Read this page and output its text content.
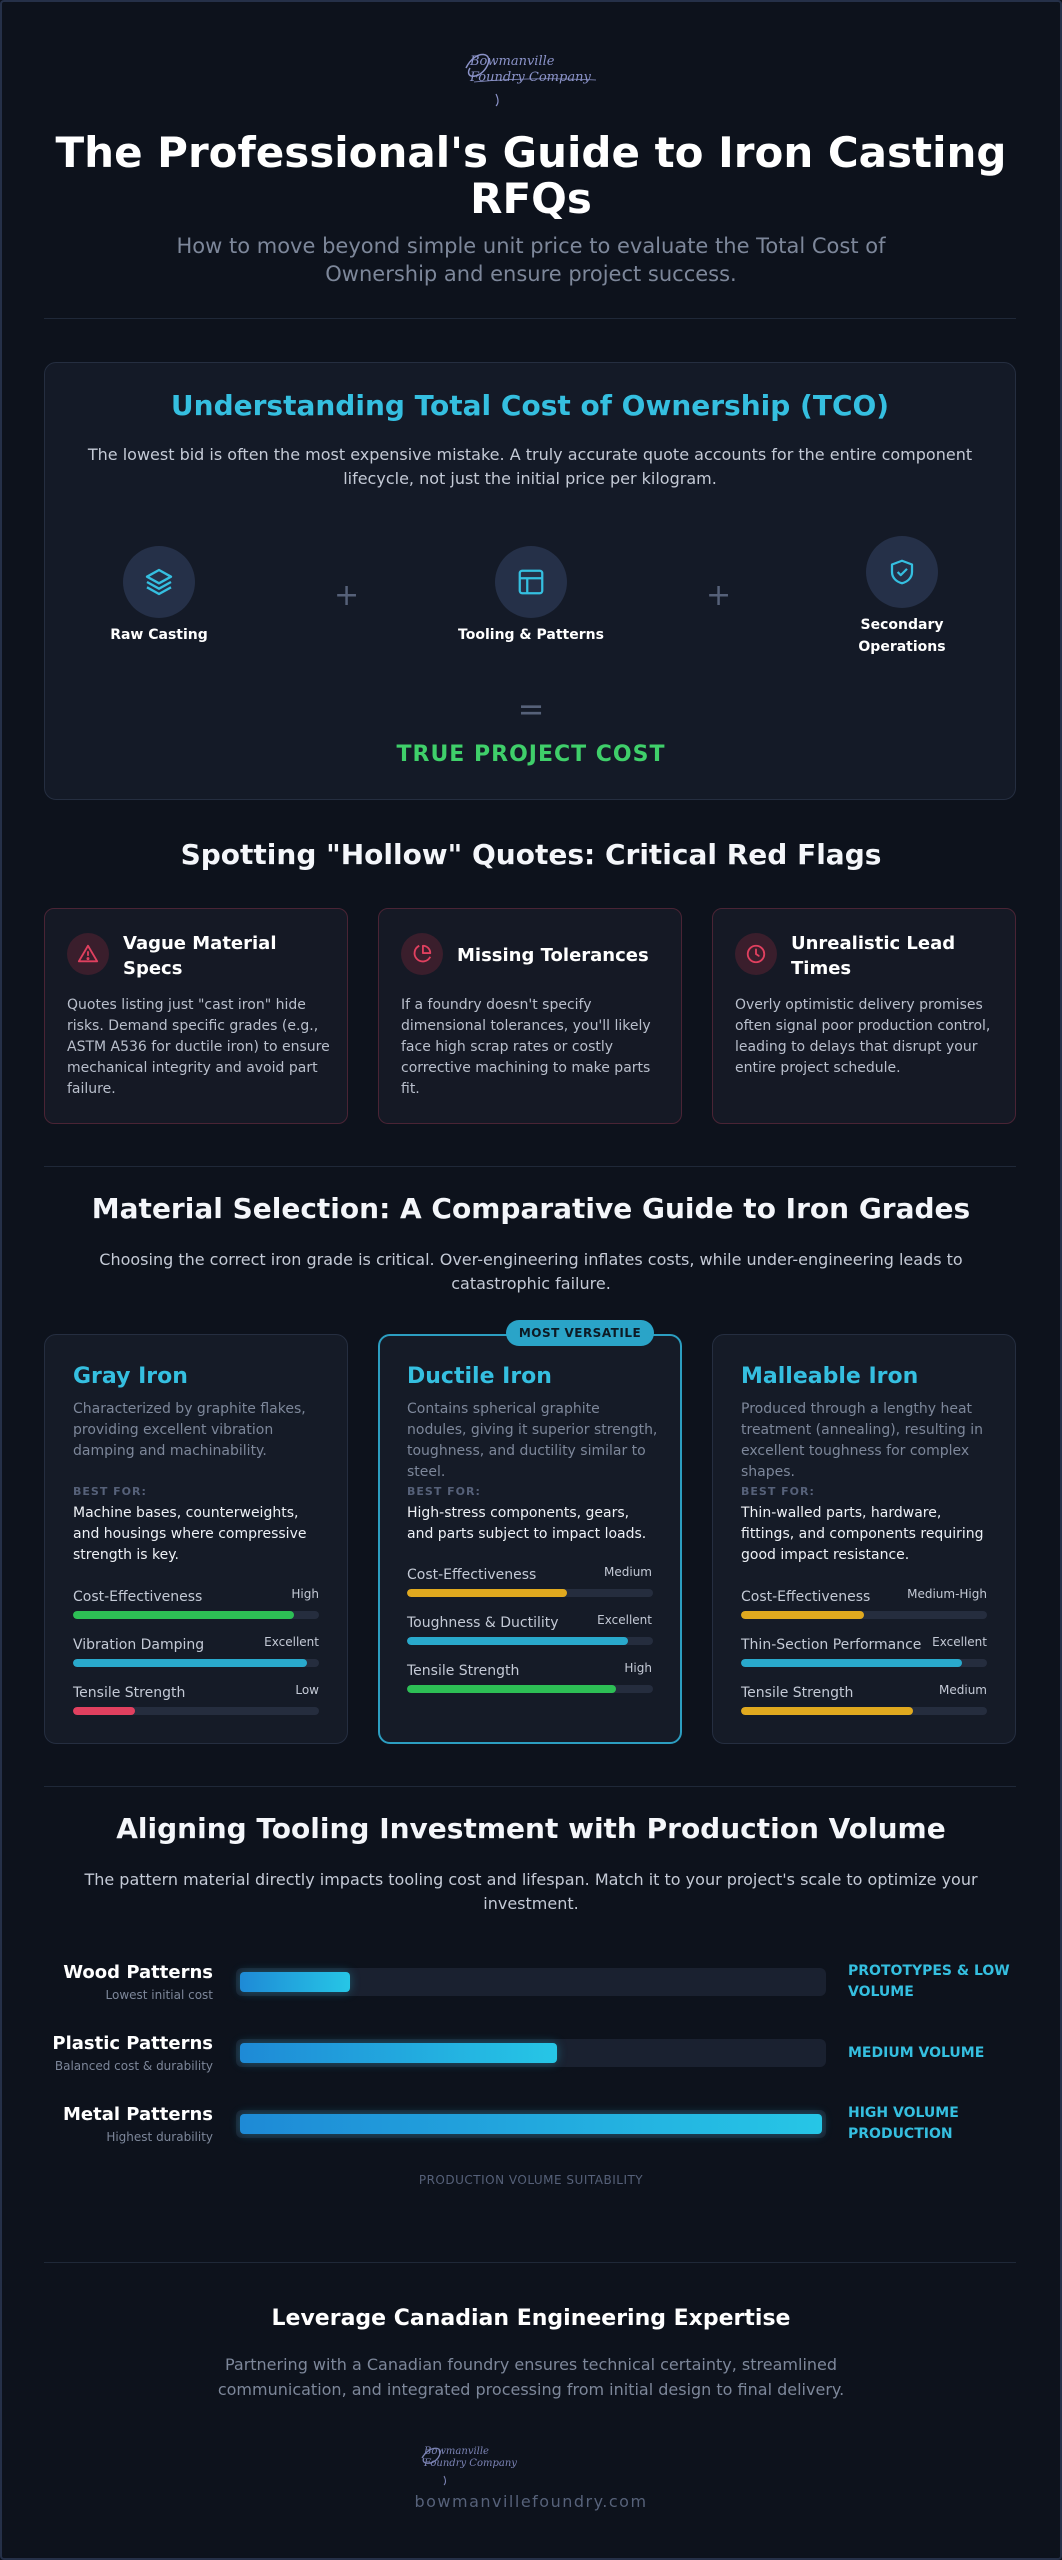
Bowmanville Foundry Company
The Professional's Guide to Iron Casting RFQs
How to move beyond simple unit price to evaluate the Total Cost of Ownership and ensure project success.
Understanding Total Cost of Ownership (TCO)
The lowest bid is often the most expensive mistake. A truly accurate quote accounts for the entire component lifecycle, not just the initial price per kilogram.
Raw Casting
+
Tooling & Patterns
+
Secondary Operations
=
TRUE PROJECT COST
Spotting "Hollow" Quotes: Critical Red Flags
Vague Material Specs
Quotes listing just "cast iron" hide risks. Demand specific grades (e.g., ASTM A536 for ductile iron) to ensure mechanical integrity and avoid part failure.
Missing Tolerances
If a foundry doesn't specify dimensional tolerances, you'll likely face high scrap rates or costly corrective machining to make parts fit.
Unrealistic Lead Times
Overly optimistic delivery promises often signal poor production control, leading to delays that disrupt your entire project schedule.
Material Selection: A Comparative Guide to Iron Grades
Choosing the correct iron grade is critical. Over-engineering inflates costs, while under-engineering leads to catastrophic failure.
Gray Iron
Characterized by graphite flakes, providing excellent vibration damping and machinability.
BEST FOR:
Machine bases, counterweights, and housings where compressive strength is key.
Cost-Effectiveness	High
Vibration Damping	Excellent
Tensile Strength	Low
Ductile Iron
Contains spherical graphite nodules, giving it superior strength, toughness, and ductility similar to steel.
BEST FOR:
High-stress components, gears, and parts subject to impact loads.
Cost-Effectiveness	Medium
Toughness & Ductility	Excellent
Tensile Strength	High
MOST VERSATILE
Malleable Iron
Produced through a lengthy heat treatment (annealing), resulting in excellent toughness for complex shapes.
BEST FOR:
Thin-walled parts, hardware, fittings, and components requiring good impact resistance.
Cost-Effectiveness	Medium-High
Thin-Section Performance Excellent
Tensile Strength	Medium
Aligning Tooling Investment with Production Volume
The pattern material directly impacts tooling cost and lifespan. Match it to your project's scale to optimize your investment.
Wood Patterns
Lowest initial cost
PROTOTYPES & LOW VOLUME
Plastic Patterns
Balanced cost & durability
MEDIUM VOLUME
Metal Patterns
Highest durability
HIGH VOLUME PRODUCTION
PRODUCTION VOLUME SUITABILITY
Leverage Canadian Engineering Expertise
Partnering with a Canadian foundry ensures technical certainty, streamlined communication, and integrated processing from initial design to final delivery.
Bowmanville Foundry Company
bowmanvillefoundry.com
